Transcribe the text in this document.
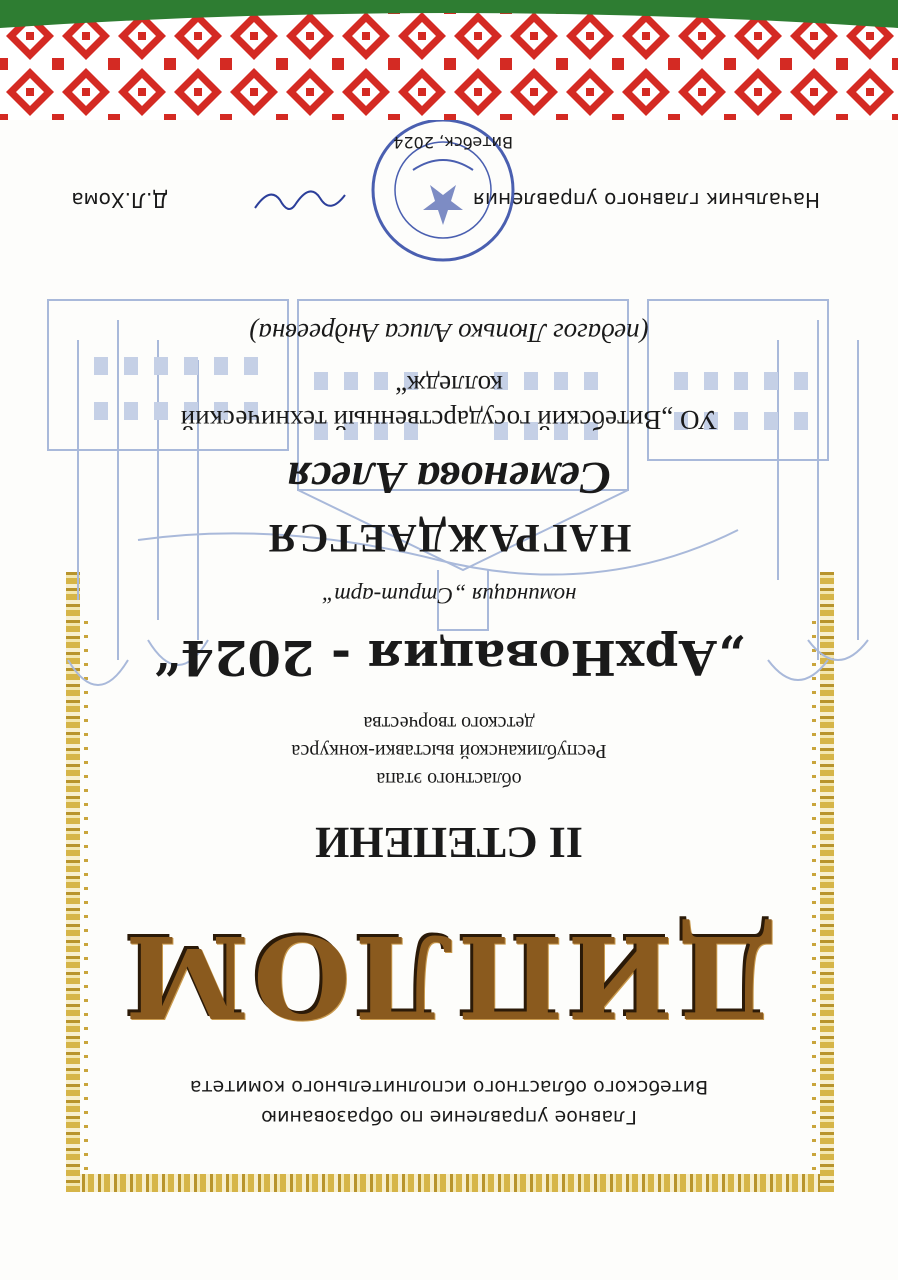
Главное управление по образованию
Витебского областного исполнительного комитета
ДИПЛОМ
II СТЕПЕНИ
областного этапа
Республиканской выставки-конкурса
детского творчества
„АрхНовация - 2024“
номинация „Стрит-арт“
НАГРАЖДАЕТСЯ
Семенова Алеся
УО „Витебский государственный технический
колледж“
(педагог Люпько Алиса Андреевна)
Начальник главного управления
Д.Л.Хома
Витебск, 2024
